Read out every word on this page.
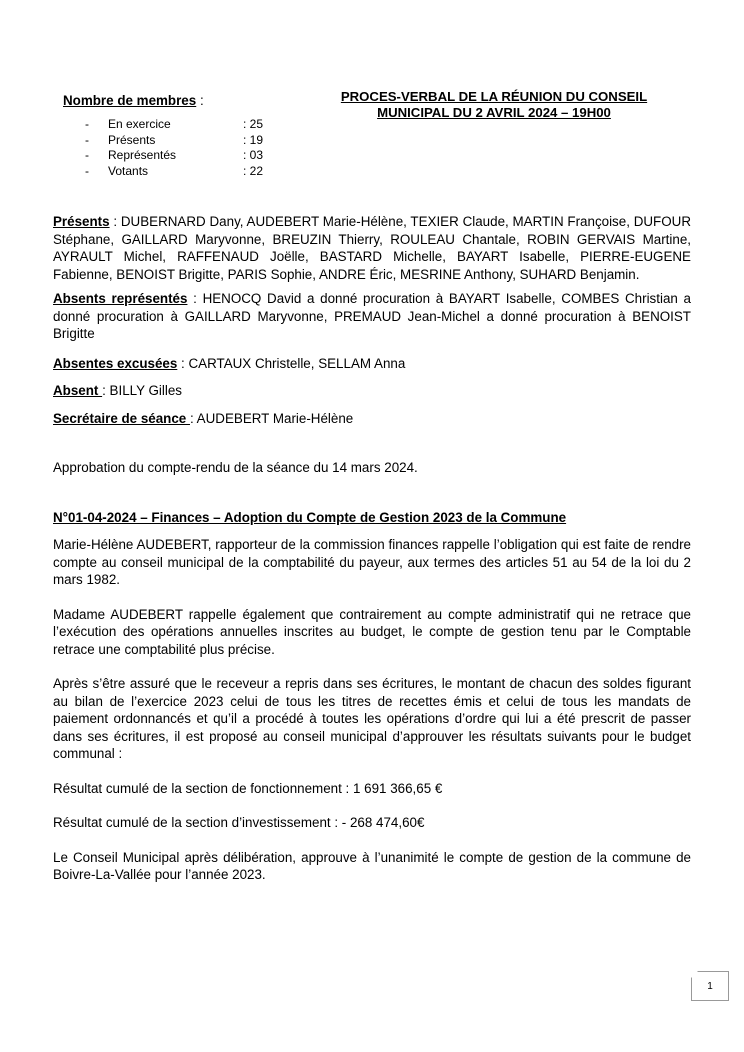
Nombre de membres :
- En exercice	: 25
- Présents	: 19
- Représentés	: 03
- Votants	: 22
PROCES-VERBAL DE LA RÉUNION DU CONSEIL
MUNICIPAL DU 2 AVRIL 2024 – 19H00

Présents : DUBERNARD Dany, AUDEBERT Marie-Hélène, TEXIER Claude, MARTIN Françoise, DUFOUR Stéphane, GAILLARD Maryvonne, BREUZIN Thierry, ROULEAU Chantale, ROBIN GERVAIS Martine, AYRAULT Michel, RAFFENAUD Joëlle, BASTARD Michelle, BAYART Isabelle, PIERRE-EUGENE Fabienne, BENOIST Brigitte, PARIS Sophie, ANDRE Éric, MESRINE Anthony, SUHARD Benjamin.

Absents représentés : HENOCQ David a donné procuration à BAYART Isabelle, COMBES Christian a donné procuration à GAILLARD Maryvonne, PREMAUD Jean-Michel a donné procuration à BENOIST Brigitte

Absentes excusées : CARTAUX Christelle, SELLAM Anna

Absent : BILLY Gilles

Secrétaire de séance : AUDEBERT Marie-Hélène

Approbation du compte-rendu de la séance du 14 mars 2024.

N°01-04-2024 – Finances – Adoption du Compte de Gestion 2023 de la Commune

Marie-Hélène AUDEBERT, rapporteur de la commission finances rappelle l’obligation qui est faite de rendre compte au conseil municipal de la comptabilité du payeur, aux termes des articles 51 au 54 de la loi du 2 mars 1982.

Madame AUDEBERT rappelle également que contrairement au compte administratif qui ne retrace que l’exécution des opérations annuelles inscrites au budget, le compte de gestion tenu par le Comptable retrace une comptabilité plus précise.

Après s’être assuré que le receveur a repris dans ses écritures, le montant de chacun des soldes figurant au bilan de l’exercice 2023 celui de tous les titres de recettes émis et celui de tous les mandats de paiement ordonnancés et qu’il a procédé à toutes les opérations d’ordre qui lui a été prescrit de passer dans ses écritures, il est proposé au conseil municipal d’approuver les résultats suivants pour le budget communal :

Résultat cumulé de la section de fonctionnement : 1 691 366,65 €

Résultat cumulé de la section d’investissement : - 268 474,60€

Le Conseil Municipal après délibération, approuve à l’unanimité le compte de gestion de la commune de Boivre-La-Vallée pour l’année 2023.

1
